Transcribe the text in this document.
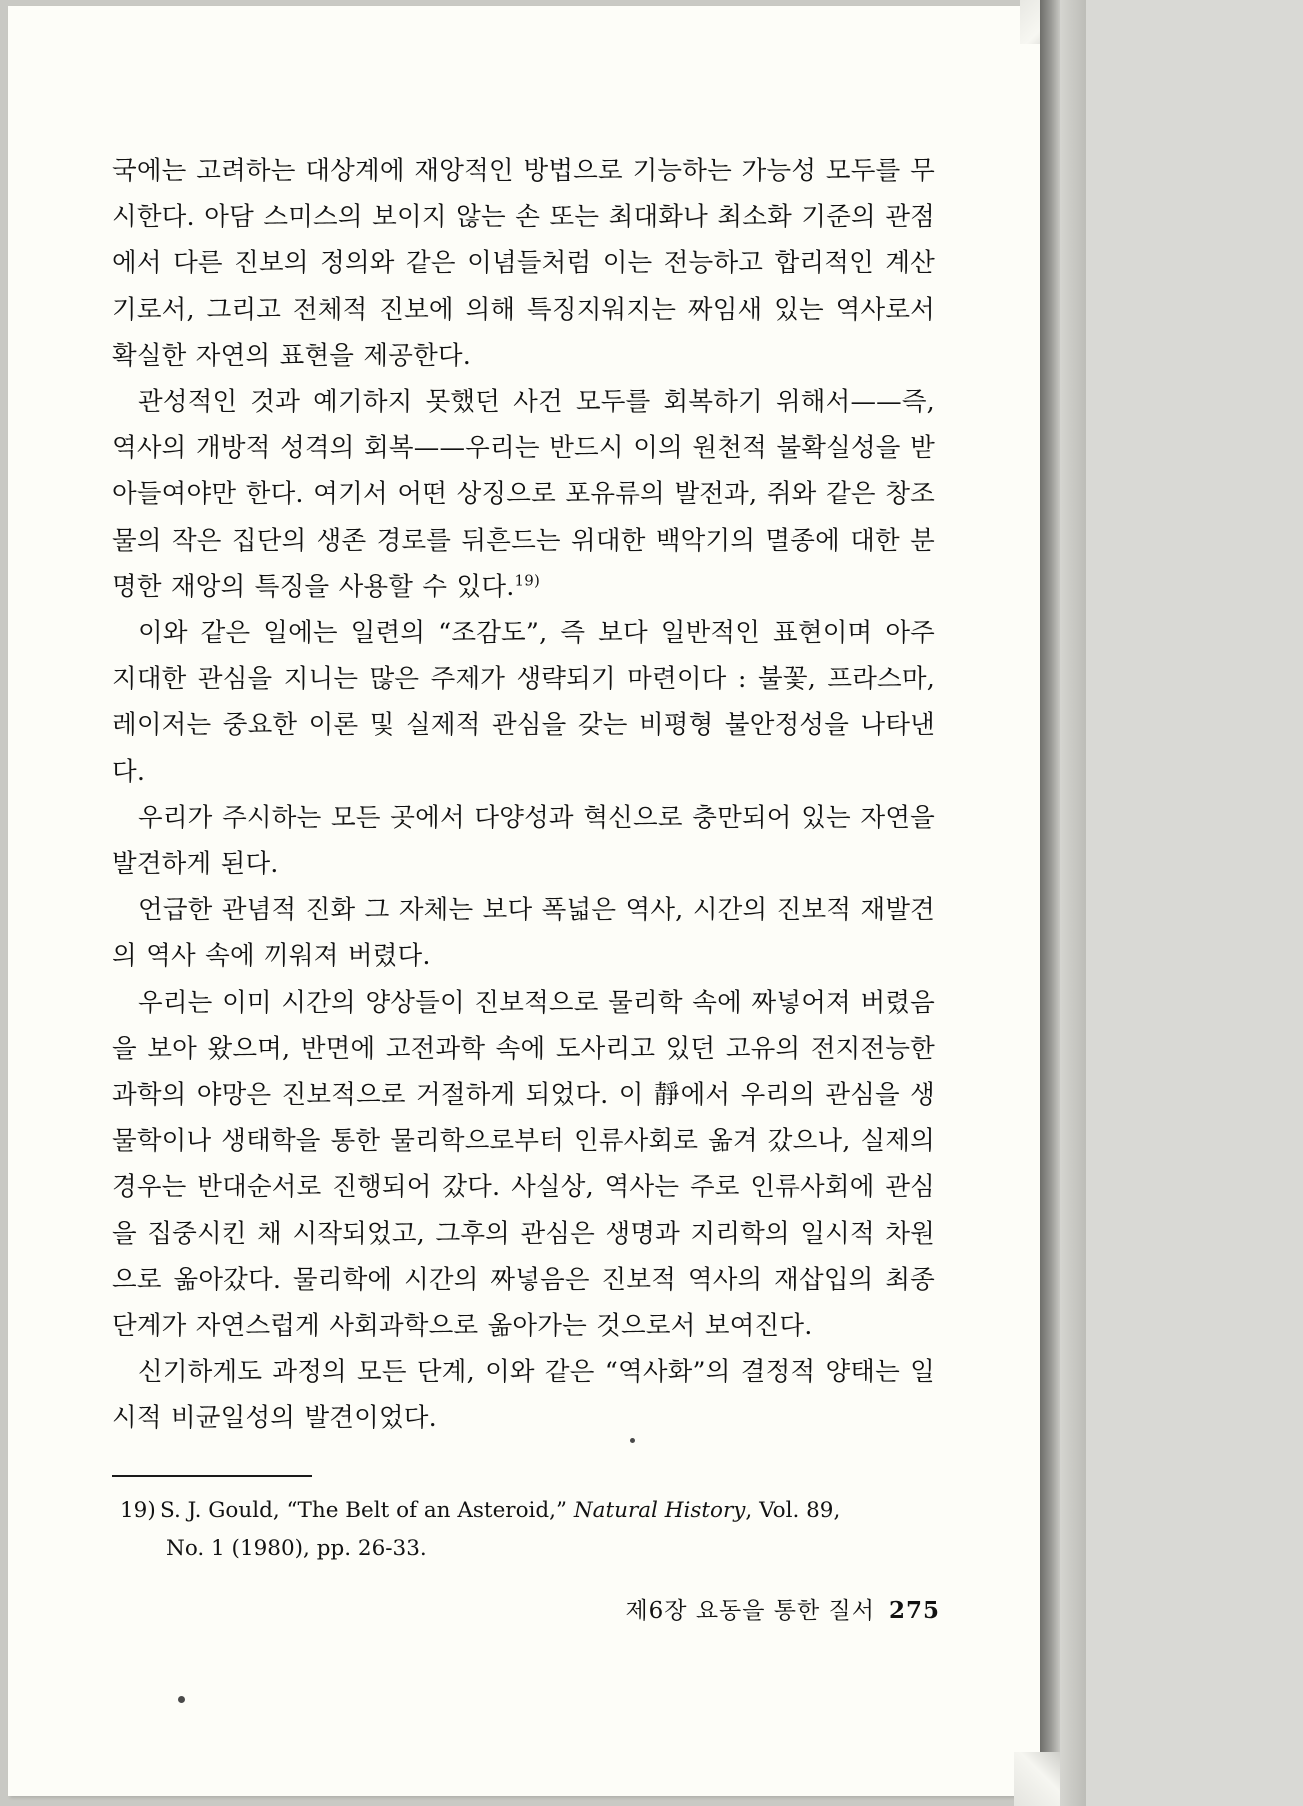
국에는 고려하는 대상계에 재앙적인 방법으로 기능하는 가능성 모두를 무시한다. 아담 스미스의 보이지 않는 손 또는 최대화나 최소화 기준의 관점에서 다른 진보의 정의와 같은 이념들처럼 이는 전능하고 합리적인 계산기로서, 그리고 전체적 진보에 의해 특징지워지는 짜임새 있는 역사로서 확실한 자연의 표현을 제공한다.

관성적인 것과 예기하지 못했던 사건 모두를 회복하기 위해서——즉, 역사의 개방적 성격의 회복——우리는 반드시 이의 원천적 불확실성을 받아들여야만 한다. 여기서 어떤 상징으로 포유류의 발전과, 쥐와 같은 창조물의 작은 집단의 생존 경로를 뒤흔드는 위대한 백악기의 멸종에 대한 분명한 재앙의 특징을 사용할 수 있다.$^{19)}$

이와 같은 일에는 일련의 “조감도”, 즉 보다 일반적인 표현이며 아주 지대한 관심을 지니는 많은 주제가 생략되기 마련이다 : 불꽃, 프라스마, 레이저는 중요한 이론 및 실제적 관심을 갖는 비평형 불안정성을 나타낸다.

우리가 주시하는 모든 곳에서 다양성과 혁신으로 충만되어 있는 자연을 발견하게 된다.

언급한 관념적 진화 그 자체는 보다 폭넓은 역사, 시간의 진보적 재발견의 역사 속에 끼워져 버렸다.

우리는 이미 시간의 양상들이 진보적으로 물리학 속에 짜넣어져 버렸음을 보아 왔으며, 반면에 고전과학 속에 도사리고 있던 고유의 전지전능한 과학의 야망은 진보적으로 거절하게 되었다. 이 靜에서 우리의 관심을 생물학이나 생태학을 통한 물리학으로부터 인류사회로 옮겨 갔으나, 실제의 경우는 반대순서로 진행되어 갔다. 사실상, 역사는 주로 인류사회에 관심을 집중시킨 채 시작되었고, 그후의 관심은 생명과 지리학의 일시적 차원으로 옮아갔다. 물리학에 시간의 짜넣음은 진보적 역사의 재삽입의 최종단계가 자연스럽게 사회과학으로 옮아가는 것으로서 보여진다.

신기하게도 과정의 모든 단계, 이와 같은 “역사화”의 결정적 양태는 일시적 비균일성의 발견이었다.

19) S. J. Gould, “The Belt of an Asteroid,” Natural History, Vol. 89,
No. 1 (1980), pp. 26-33.
제6장 요동을 통한 질서 275
